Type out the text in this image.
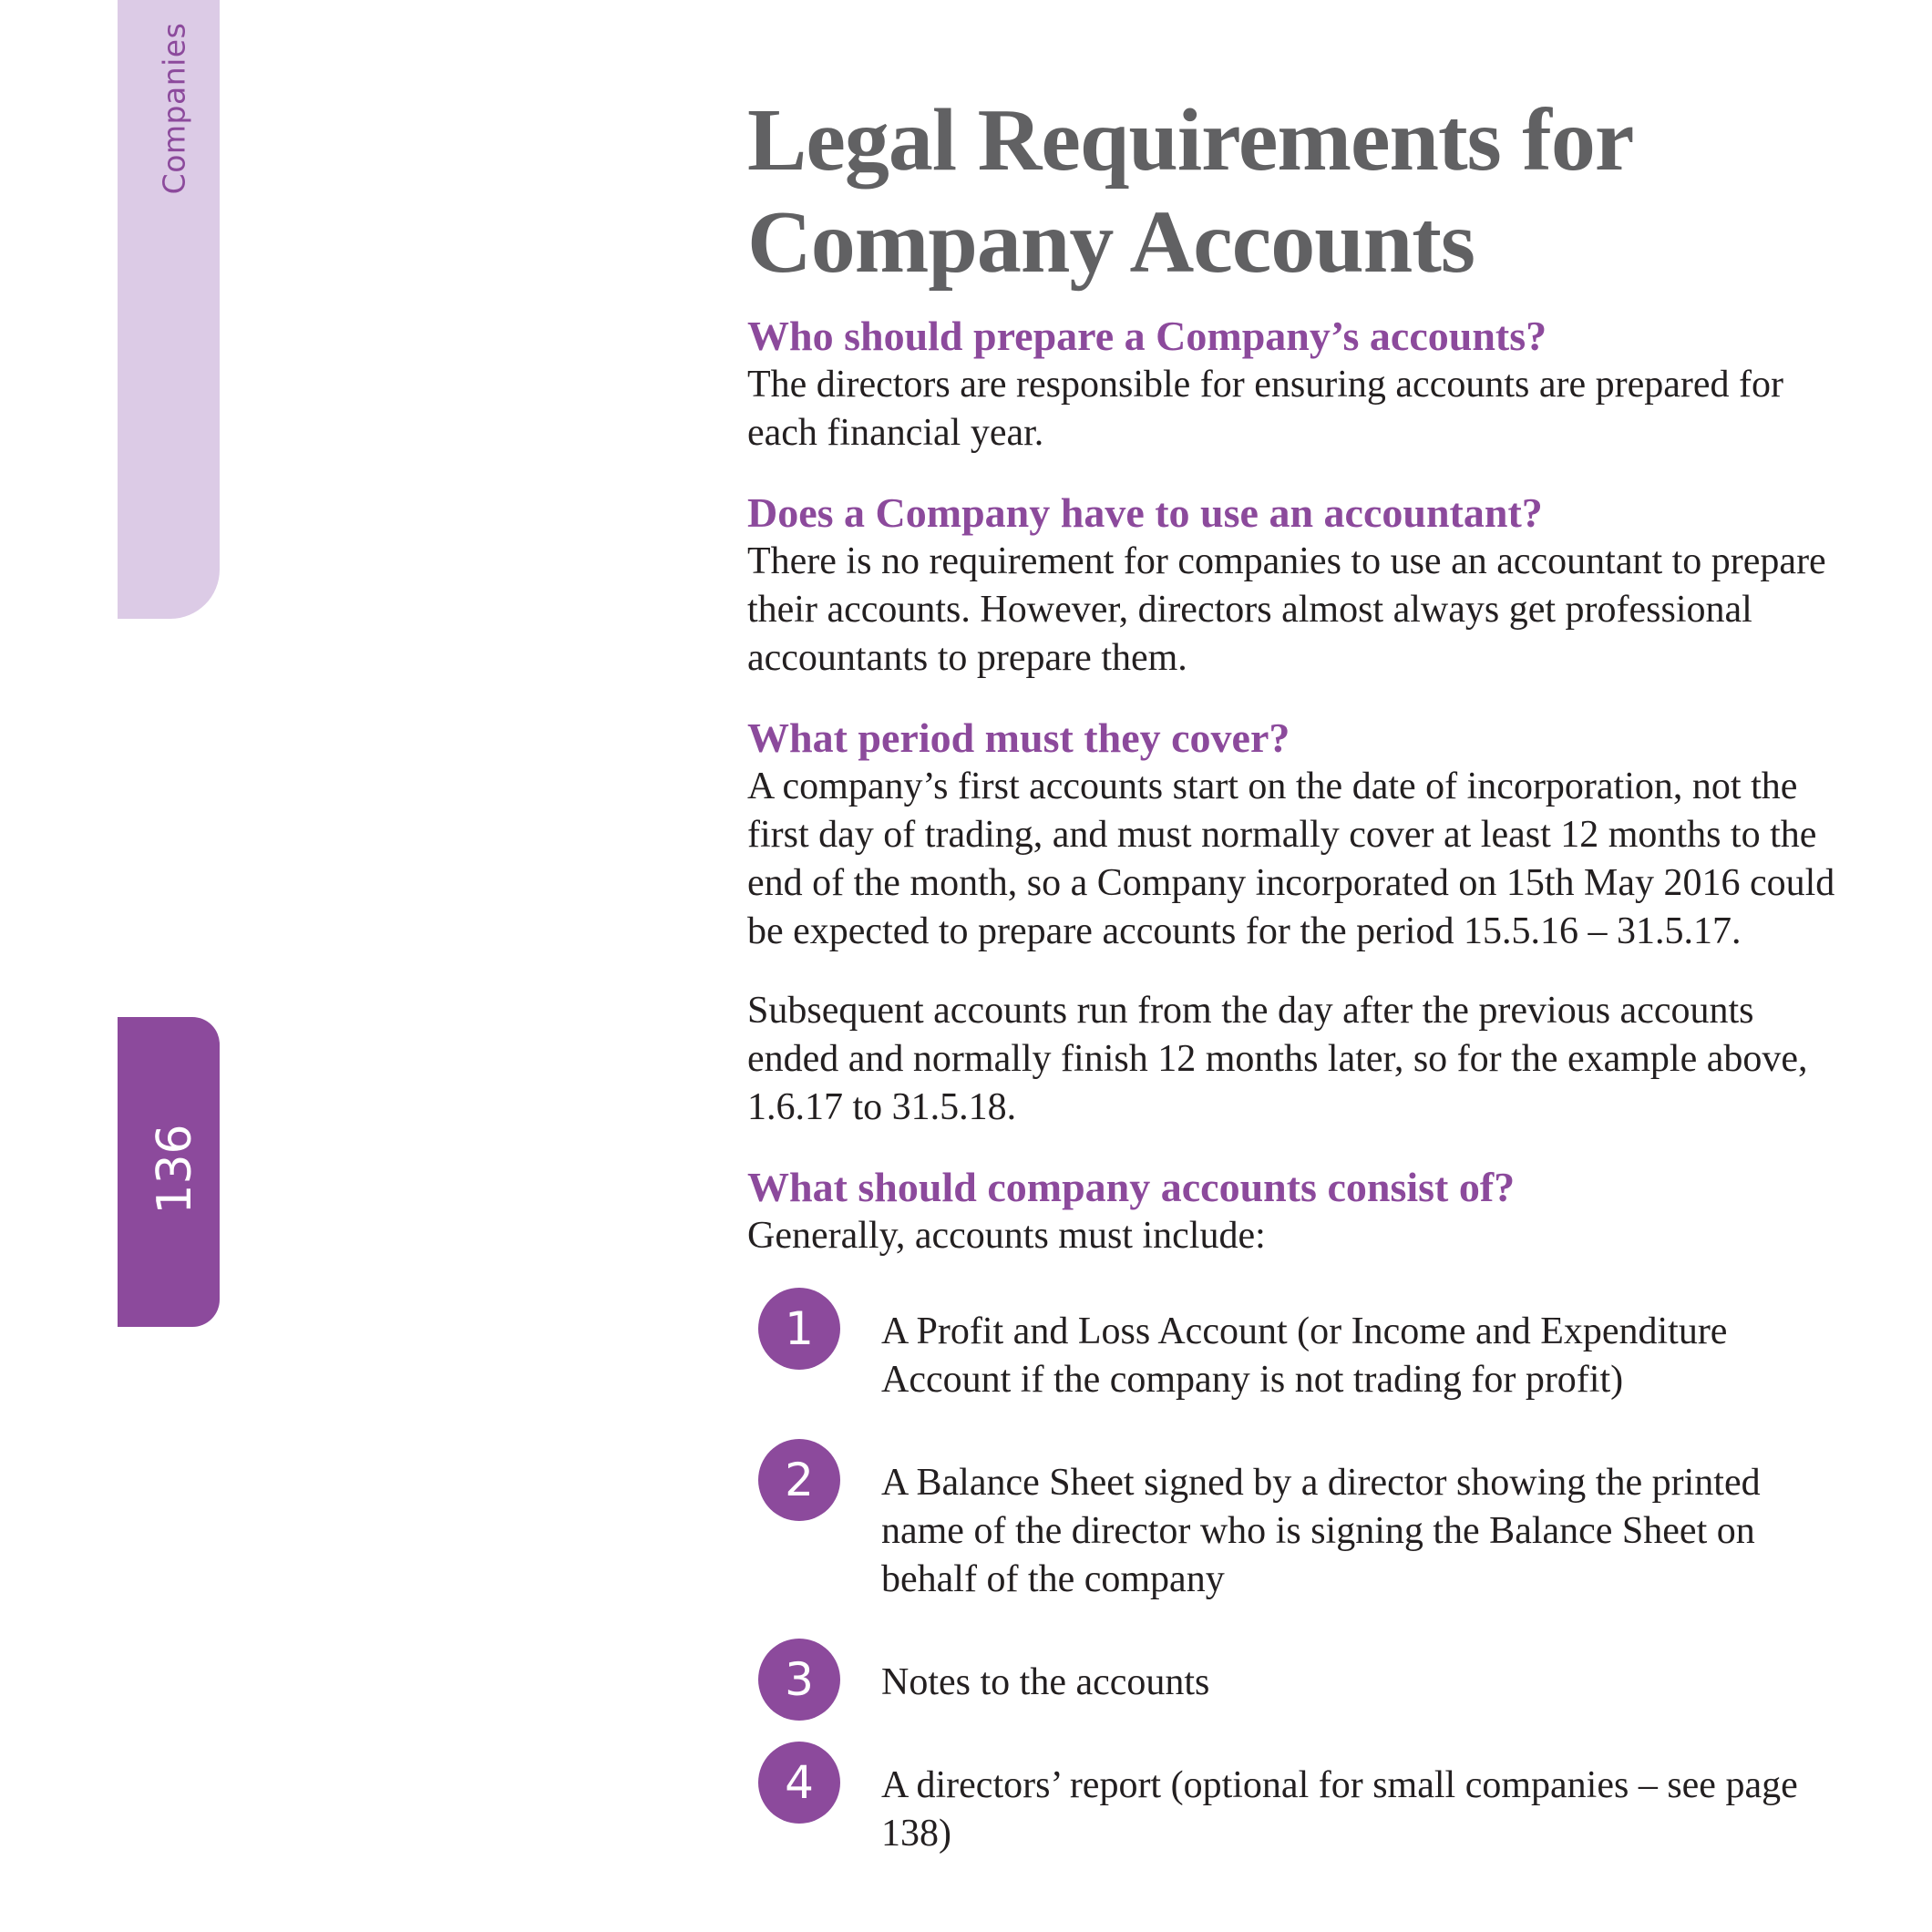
Companies
136
Legal Requirements for
Company Accounts
Who should prepare a Company’s accounts?

The directors are responsible for ensuring accounts are prepared for each financial year.

Does a Company have to use an accountant?

There is no requirement for companies to use an accountant to prepare their accounts. However, directors almost always get professional accountants to prepare them.

What period must they cover?

A company’s first accounts start on the date of incorporation, not the first day of trading, and must normally cover at least 12 months to the end of the month, so a Company incorporated on 15th May 2016 could be expected to prepare accounts for the period 15.5.16 – 31.5.17.

Subsequent accounts run from the day after the previous accounts ended and normally finish 12 months later, so for the example above, 1.6.17 to 31.5.18.

What should company accounts consist of?

Generally, accounts must include:

1	A Profit and Loss Account (or Income and Expenditure Account if the company is not trading for profit)

2	A Balance Sheet signed by a director showing the printed name of the director who is signing the Balance Sheet on behalf of the company

3	Notes to the accounts

4	A directors’ report (optional for small companies – see page 138)
